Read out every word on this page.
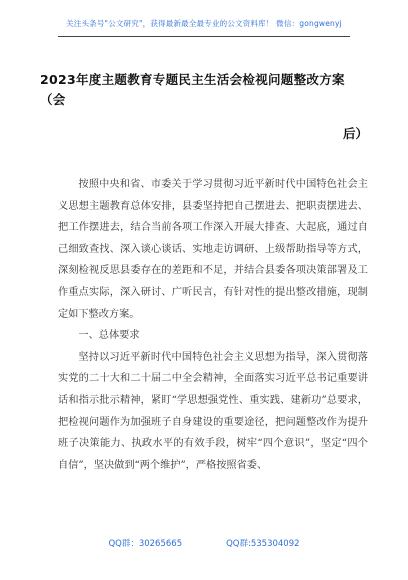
关注头条号"公文研究"，获得最新最全最专业的公文资料库！ 微信：gongwenyj
2023年度主题教育专题民主生活会检视问题整改方案（会
后）

按照中央和省、市委关于学习贯彻习近平新时代中国特色社会主义思想主题教育总体安排，县委坚持把自己摆进去、把职责摆进去、把工作摆进去，结合当前各项工作深入开展大排查、大起底，通过自己细致查找、深入谈心谈话、实地走访调研、上级帮助指导等方式，深刻检视反思县委存在的差距和不足，并结合县委各项决策部署及工作重点实际，深入研讨、广听民言，有针对性的提出整改措施，现制定如下整改方案。

一、总体要求

坚持以习近平新时代中国特色社会主义思想为指导，深入贯彻落实党的二十大和二十届二中全会精神，全面落实习近平总书记重要讲话和指示批示精神，紧盯“学思想强党性、重实践、建新功”总要求，把检视问题作为加强班子自身建设的重要途径，把问题整改作为提升班子决策能力、执政水平的有效手段，树牢“四个意识”，坚定“四个自信”，坚决做到“两个维护”，严格按照省委、

QQ群：30265665	QQ群:535304092
